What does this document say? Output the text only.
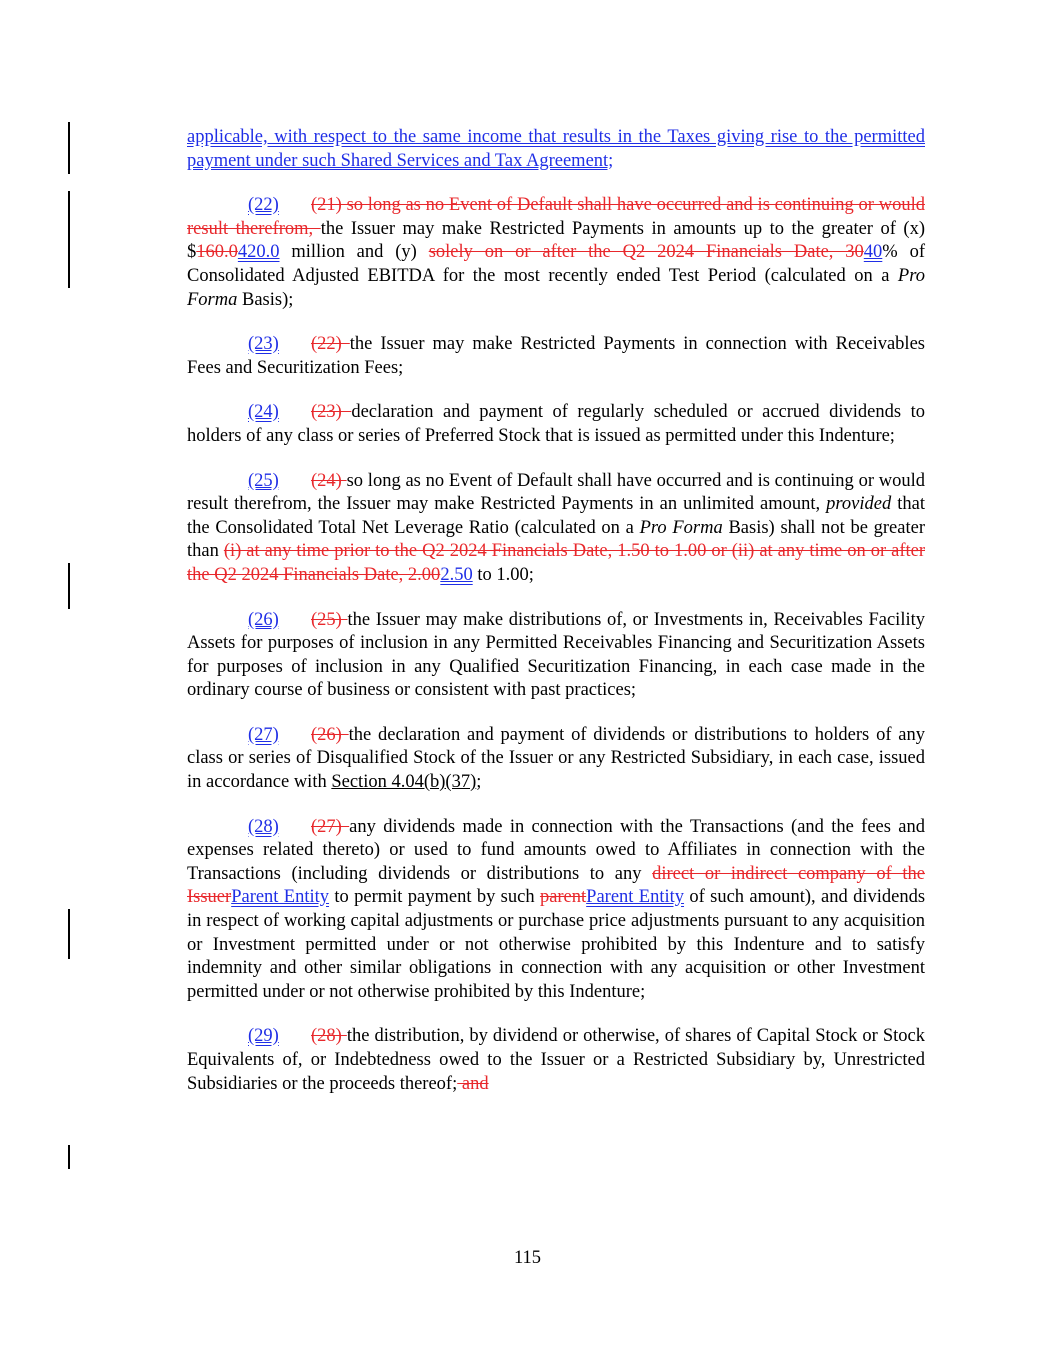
applicable, with respect to the same income that results in the Taxes giving rise to the permitted payment under such Shared Services and Tax Agreement;

(22) (21) so long as no Event of Default shall have occurred and is continuing or would result therefrom, the Issuer may make Restricted Payments in amounts up to the greater of (x) $160.0420.0 million and (y) solely on or after the Q2 2024 Financials Date, 3040% of Consolidated Adjusted EBITDA for the most recently ended Test Period (calculated on a Pro Forma Basis);

(23) (22) the Issuer may make Restricted Payments in connection with Receivables Fees and Securitization Fees;

(24) (23) declaration and payment of regularly scheduled or accrued dividends to holders of any class or series of Preferred Stock that is issued as permitted under this Indenture;

(25) (24) so long as no Event of Default shall have occurred and is continuing or would result therefrom, the Issuer may make Restricted Payments in an unlimited amount, provided that the Consolidated Total Net Leverage Ratio (calculated on a Pro Forma Basis) shall not be greater than (i) at any time prior to the Q2 2024 Financials Date, 1.50 to 1.00 or (ii) at any time on or after the Q2 2024 Financials Date, 2.002.50 to 1.00;

(26) (25) the Issuer may make distributions of, or Investments in, Receivables Facility Assets for purposes of inclusion in any Permitted Receivables Financing and Securitization Assets for purposes of inclusion in any Qualified Securitization Financing, in each case made in the ordinary course of business or consistent with past practices;

(27) (26) the declaration and payment of dividends or distributions to holders of any class or series of Disqualified Stock of the Issuer or any Restricted Subsidiary, in each case, issued in accordance with Section 4.04(b)(37);

(28) (27) any dividends made in connection with the Transactions (and the fees and expenses related thereto) or used to fund amounts owed to Affiliates in connection with the Transactions (including dividends or distributions to any direct or indirect company of the IssuerParent Entity to permit payment by such parentParent Entity of such amount), and dividends in respect of working capital adjustments or purchase price adjustments pursuant to any acquisition or Investment permitted under or not otherwise prohibited by this Indenture and to satisfy indemnity and other similar obligations in connection with any acquisition or other Investment permitted under or not otherwise prohibited by this Indenture;

(29) (28) the distribution, by dividend or otherwise, of shares of Capital Stock or Stock Equivalents of, or Indebtedness owed to the Issuer or a Restricted Subsidiary by, Unrestricted Subsidiaries or the proceeds thereof; and

115
